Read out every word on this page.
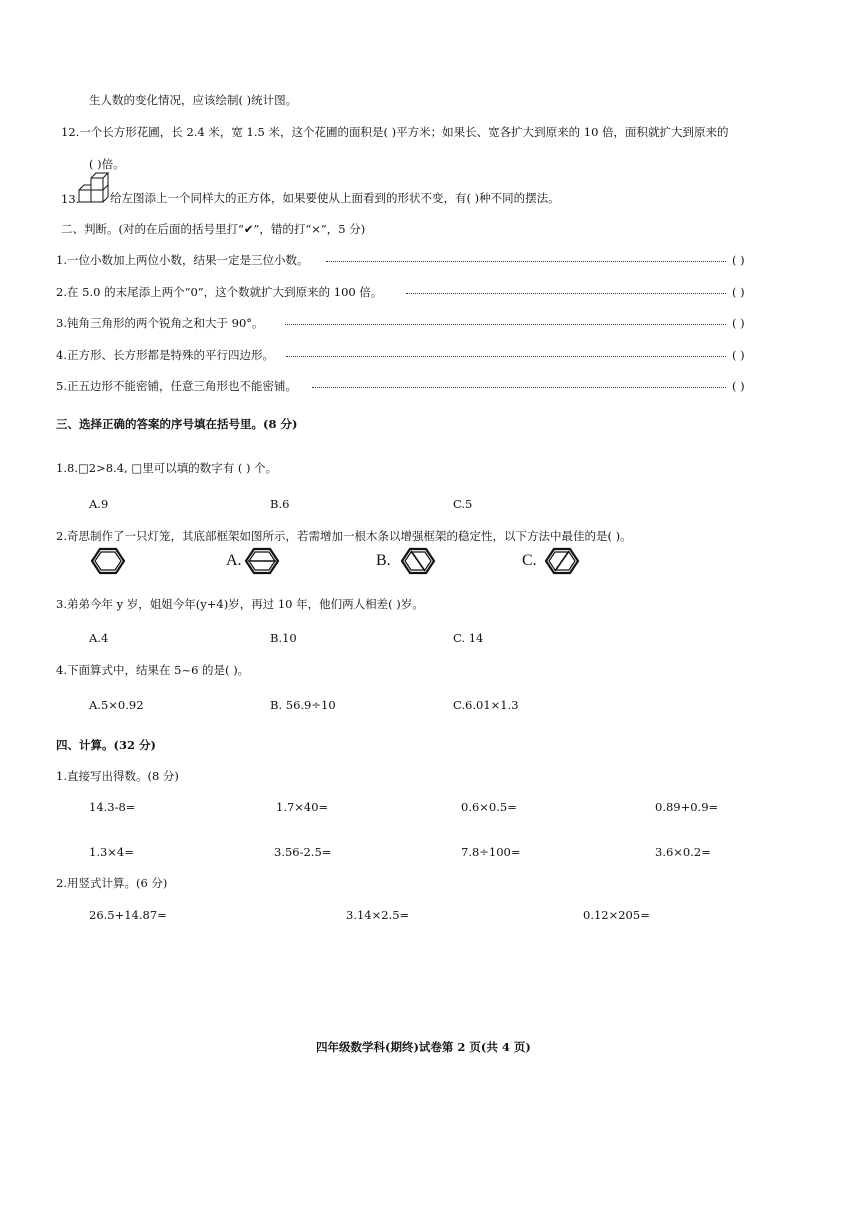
生人数的变化情况，应该绘制( )统计图。
12.一个长方形花圃，长 2.4 米，宽 1.5 米，这个花圃的面积是( )平方米；如果长、宽各扩大到原来的 10 倍，面积就扩大到原来的
( )倍。
13.	给左图添上一个同样大的正方体，如果要使从上面看到的形状不变，有( )种不同的摆法。
二、判断。(对的在后面的括号里打“✔”，错的打“×”，5 分)
1.一位小数加上两位小数，结果一定是三位小数。	( )
2.在 5.0 的末尾添上两个“0”，这个数就扩大到原来的 100 倍。	( )
3.钝角三角形的两个锐角之和大于 90°。	( )
4.正方形、长方形都是特殊的平行四边形。	( )
5.正五边形不能密铺，任意三角形也不能密铺。	( )
三、选择正确的答案的序号填在括号里。(8 分)
1.8.□2>8.4, □里可以填的数字有 ( ) 个。
A.9	B.6	C.5
2.奇思制作了一只灯笼，其底部框架如图所示，若需增加一根木条以增强框架的稳定性，以下方法中最佳的是( )。
A.	B.	C.
3.弟弟今年 y 岁，姐姐今年(y+4)岁，再过 10 年，他们两人相差( )岁。
A.4	B.10	C. 14
4.下面算式中，结果在 5~6 的是( )。
A.5×0.92	B. 56.9÷10	C.6.01×1.3
四、计算。(32 分)
1.直接写出得数。(8 分)
14.3-8=	1.7×40=	0.6×0.5=	0.89+0.9=
1.3×4=	3.56-2.5=	7.8÷100=	3.6×0.2=
2.用竖式计算。(6 分)
26.5+14.87=	3.14×2.5=	0.12×205=
四年级数学科(期终)试卷第 2 页(共 4 页)
